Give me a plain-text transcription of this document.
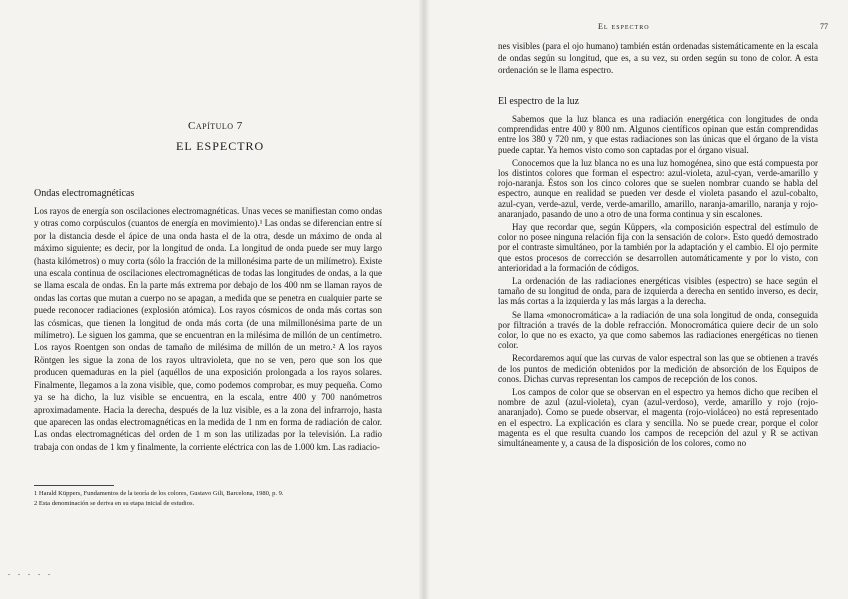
Capítulo 7
EL ESPECTRO
Ondas electromagnéticas

Los rayos de energía son oscilaciones electromagnéticas. Unas veces se manifiestan como ondas y otras como corpúsculos (cuantos de energía en movimiento).¹ Las ondas se diferencian entre sí por la distancia desde el ápice de una onda hasta el de la otra, desde un máximo de onda al máximo siguiente; es decir, por la longitud de onda. La longitud de onda puede ser muy largo (hasta kilómetros) o muy corta (sólo la fracción de la millonésima parte de un milímetro). Existe una escala continua de oscilaciones electromagnéticas de todas las longitudes de ondas, a la que se llama escala de ondas. En la parte más extrema por debajo de los 400 nm se llaman rayos de ondas las cortas que mutan a cuerpo no se apagan, a medida que se penetra en cualquier parte se puede reconocer radiaciones (explosión atómica). Los rayos cósmicos de onda más cortas son las cósmicas, que tienen la longitud de onda más corta (de una milmillonésima parte de un milímetro). Le siguen los gamma, que se encuentran en la milésima de millón de un centímetro. Los rayos Roentgen son ondas de tamaño de milésima de millón de un metro.² A los rayos Röntgen les sigue la zona de los rayos ultravioleta, que no se ven, pero que son los que producen quemaduras en la piel (aquéllos de una exposición prolongada a los rayos solares. Finalmente, llegamos a la zona visible, que, como podemos comprobar, es muy pequeña. Como ya se ha dicho, la luz visible se encuentra, en la escala, entre 400 y 700 nanómetros aproximadamente. Hacia la derecha, después de la luz visible, es a la zona del infrarrojo, hasta que aparecen las ondas electromagnéticas en la medida de 1 nm en forma de radiación de calor. Las ondas electromagnéticas del orden de 1 m son las utilizadas por la televisión. La radio trabaja con ondas de 1 km y finalmente, la corriente eléctrica con las de 1.000 km. Las radiacio-

1 Harald Küppers, Fundamentos de la teoría de los colores, Gustavo Gili, Barcelona, 1980, p. 9.
2 Esta denominación se deriva en su etapa inicial de estudios.
. . . . .
El espectro	77
nes visibles (para el ojo humano) también están ordenadas sistemáticamente en la escala de ondas según su longitud, que es, a su vez, su orden según su tono de color. A esta ordenación se le llama espectro.
El espectro de la luz

Sabemos que la luz blanca es una radiación energética con longitudes de onda comprendidas entre 400 y 800 nm. Algunos científicos opinan que están comprendidas entre los 380 y 720 nm, y que estas radiaciones son las únicas que el órgano de la vista puede captar. Ya hemos visto como son captadas por el órgano visual.

Conocemos que la luz blanca no es una luz homogénea, sino que está compuesta por los distintos colores que forman el espectro: azul-violeta, azul-cyan, verde-amarillo y rojo-naranja. Éstos son los cinco colores que se suelen nombrar cuando se habla del espectro, aunque en realidad se pueden ver desde el violeta pasando el azul-cobalto, azul-cyan, verde-azul, verde, verde-amarillo, amarillo, naranja-amarillo, naranja y rojo-anaranjado, pasando de uno a otro de una forma continua y sin escalones.

Hay que recordar que, según Küppers, «la composición espectral del estímulo de color no posee ninguna relación fija con la sensación de color». Esto quedó demostrado por el contraste simultáneo, por la también por la adaptación y el cambio. El ojo permite que estos procesos de corrección se desarrollen automáticamente y por lo visto, con anterioridad a la formación de códigos.

La ordenación de las radiaciones energéticas visibles (espectro) se hace según el tamaño de su longitud de onda, para de izquierda a derecha en sentido inverso, es decir, las más cortas a la izquierda y las más largas a la derecha.

Se llama «monocromática» a la radiación de una sola longitud de onda, conseguida por filtración a través de la doble refracción. Monocromática quiere decir de un solo color, lo que no es exacto, ya que como sabemos las radiaciones energéticas no tienen color.

Recordaremos aquí que las curvas de valor espectral son las que se obtienen a través de los puntos de medición obtenidos por la medición de absorción de los Equipos de conos. Dichas curvas representan los campos de recepción de los conos.

Los campos de color que se observan en el espectro ya hemos dicho que reciben el nombre de azul (azul-violeta), cyan (azul-verdoso), verde, amarillo y rojo (rojo-anaranjado). Como se puede observar, el magenta (rojo-violáceo) no está representado en el espectro. La explicación es clara y sencilla. No se puede crear, porque el color magenta es el que resulta cuando los campos de recepción del azul y R se activan simultáneamente y, a causa de la disposición de los colores, como no
